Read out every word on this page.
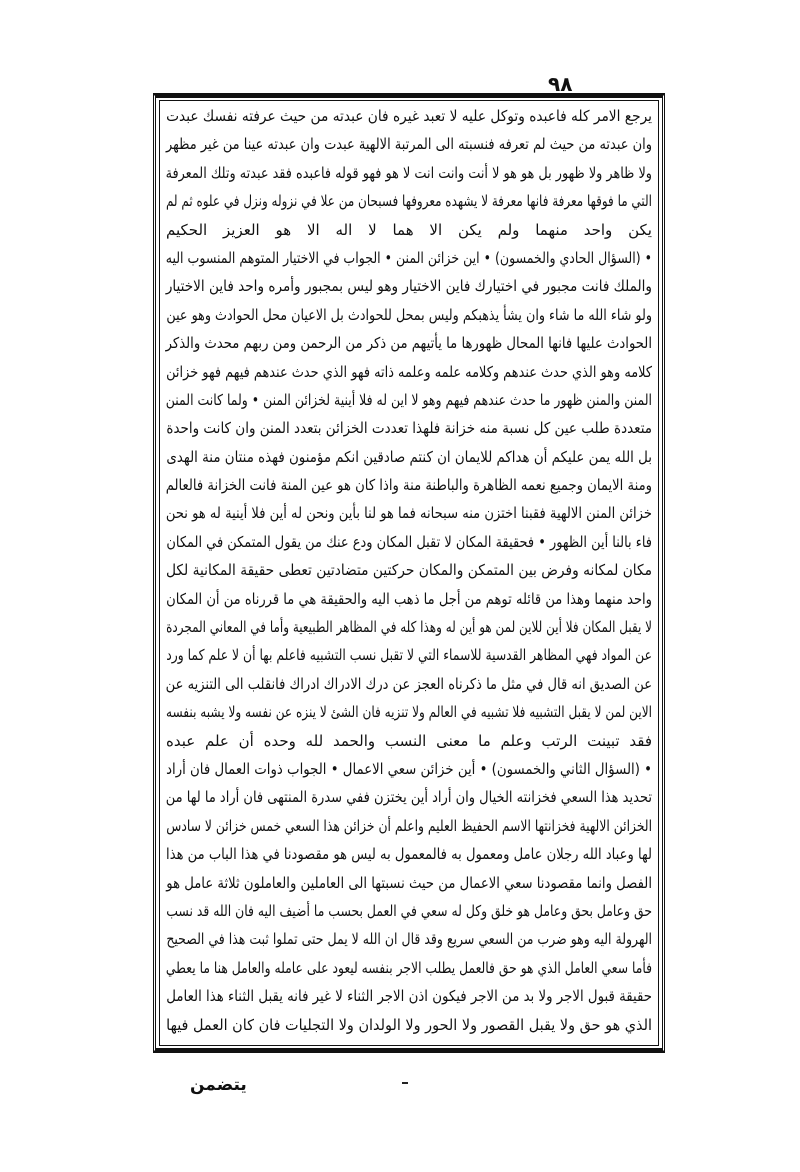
٩٨
يرجع الامر كله فاعبده وتوكل عليه لا تعبد غيره فان عبدته من حيث عرفته نفسك عبدت
وان عبدته من حيث لم تعرفه فنسبته الى المرتبة الالهية عبدت وان عبدته عينا من غير مظهر
ولا ظاهر ولا ظهور بل هو هو لا أنت وانت انت لا هو فهو قوله فاعبده فقد عبدته وتلك المعرفة
التي ما فوقها معرفة فانها معرفة لا يشهده معروفها فسبحان من علا في نزوله ونزل في علوه ثم لم
يكن واحد منهما ولم يكن الا هما لا اله الا هو العزيز الحكيم
• (السؤال الحادي والخمسون) • اين خزائن المنن • الجواب في الاختيار المتوهم المنسوب اليه
والملك فانت مجبور في اختيارك فاين الاختيار وهو ليس بمجبور وأمره واحد فاين الاختيار
ولو شاء الله ما شاء وان يشأ يذهبكم وليس بمحل للحوادث بل الاعيان محل الحوادث وهو عين
الحوادث عليها فانها المحال ظهورها ما يأتيهم من ذكر من الرحمن ومن ربهم محدث والذكر
كلامه وهو الذي حدث عندهم وكلامه علمه وعلمه ذاته فهو الذي حدث عندهم فيهم فهو خزائن
المنن والمنن ظهور ما حدث عندهم فيهم وهو لا اين له فلا أينية لخزائن المنن • ولما كانت المنن
متعددة طلب عين كل نسبة منه خزانة فلهذا تعددت الخزائن بتعدد المنن وان كانت واحدة
بل الله يمن عليكم أن هداكم للايمان ان كنتم صادقين انكم مؤمنون فهذه منتان منة الهدى
ومنة الايمان وجميع نعمه الظاهرة والباطنة منة واذا كان هو عين المنة فانت الخزانة فالعالم
خزائن المنن الالهية فقبنا اختزن منه سبحانه فما هو لنا بأين ونحن له أين فلا أينية له هو نحن
فاء بالنا أين الظهور • فحقيقة المكان لا تقبل المكان ودع عنك من يقول المتمكن في المكان
مكان لمكانه وفرض بين المتمكن والمكان حركتين متضادتين تعطى حقيقة المكانية لكل
واحد منهما وهذا من قائله توهم من أجل ما ذهب اليه والحقيقة هي ما قررناه من أن المكان
لا يقبل المكان فلا أين للاين لمن هو أين له وهذا كله في المظاهر الطبيعية وأما في المعاني المجردة
عن المواد فهي المظاهر القدسية للاسماء التي لا تقبل نسب التشبيه فاعلم بها أن لا علم كما ورد
عن الصديق انه قال في مثل ما ذكرناه العجز عن درك الادراك ادراك فانقلب الى التنزيه عن
الاين لمن لا يقبل التشبيه فلا تشبيه في العالم ولا تنزيه فان الشئ لا ينزه عن نفسه ولا يشبه بنفسه
فقد تبينت الرتب وعلم ما معنى النسب والحمد لله وحده أن علم عبده
• (السؤال الثاني والخمسون) • أين خزائن سعي الاعمال • الجواب ذوات العمال فان أراد
تحديد هذا السعي فخزانته الخيال وان أراد أين يختزن ففي سدرة المنتهى فان أراد ما لها من
الخزائن الالهية فخزانتها الاسم الحفيظ العليم واعلم أن خزائن هذا السعي خمس خزائن لا سادس
لها وعباد الله رجلان عامل ومعمول به فالمعمول به ليس هو مقصودنا في هذا الباب من هذا
الفصل وانما مقصودنا سعي الاعمال من حيث نسبتها الى العاملين والعاملون ثلاثة عامل هو
حق وعامل بحق وعامل هو خلق وكل له سعي في العمل بحسب ما أضيف اليه فان الله قد نسب
الهرولة اليه وهو ضرب من السعي سريع وقد قال ان الله لا يمل حتى تملوا ثبت هذا في الصحيح
فأما سعي العامل الذي هو حق فالعمل يطلب الاجر بنفسه ليعود على عامله والعامل هنا ما يعطي
حقيقة قبول الاجر ولا بد من الاجر فيكون اذن الاجر الثناء لا غير فانه يقبل الثناء هذا العامل
الذي هو حق ولا يقبل القصور ولا الحور ولا الولدان ولا التجليات فان كان العمل فيها
يتضمن
